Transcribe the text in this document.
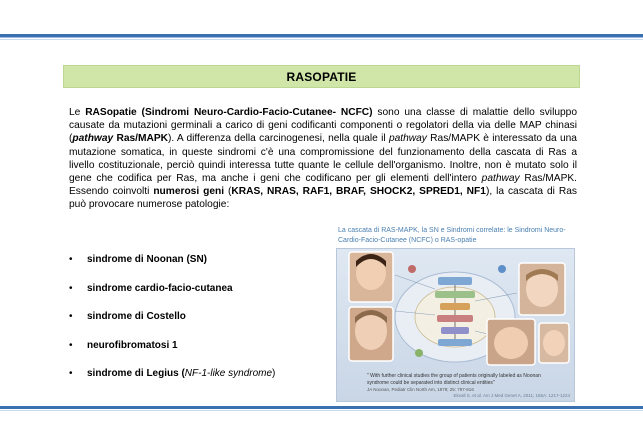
RASOPATIE
Le RASopatie (Sindromi Neuro-Cardio-Facio-Cutanee- NCFC) sono una classe di malattie dello sviluppo causate da mutazioni germinali a carico di geni codificanti componenti o regolatori della via delle MAP chinasi (pathway Ras/MAPK). A differenza della carcinogenesi, nella quale il pathway Ras/MAPK è interessato da una mutazione somatica, in queste sindromi c'è una compromissione del funzionamento della cascata di Ras a livello costituzionale, perciò quindi interessa tutte quante le cellule dell'organismo. Inoltre, non è mutato solo il gene che codifica per Ras, ma anche i geni che codificano per gli elementi dell'intero pathway Ras/MAPK. Essendo coinvolti numerosi geni (KRAS, NRAS, RAF1, BRAF, SHOCK2, SPRED1, NF1), la cascata di Ras può provocare numerose patologie:
•	sindrome di Noonan (SN)
•	sindrome cardio-facio-cutanea
•	sindrome di Costello
•	neurofibromatosi 1
•	sindrome di Legius (NF-1-like syndrome)
La cascata di RAS-MAPK, la SN e Sindromi correlate: le Sindromi Neuro-Cardio-Facio-Cutanee (NCFC) o RAS-opatie
" With further clinical studies the group of patients originally labeled as Noonan syndrome could be separated into distinct clinical entities"
JA Noonan, Pediatr Clin North Am, 1978; 25: 797-816
Ekvall S. et al. Am J Med Genet A, 2011; 155A: 1217-1224
